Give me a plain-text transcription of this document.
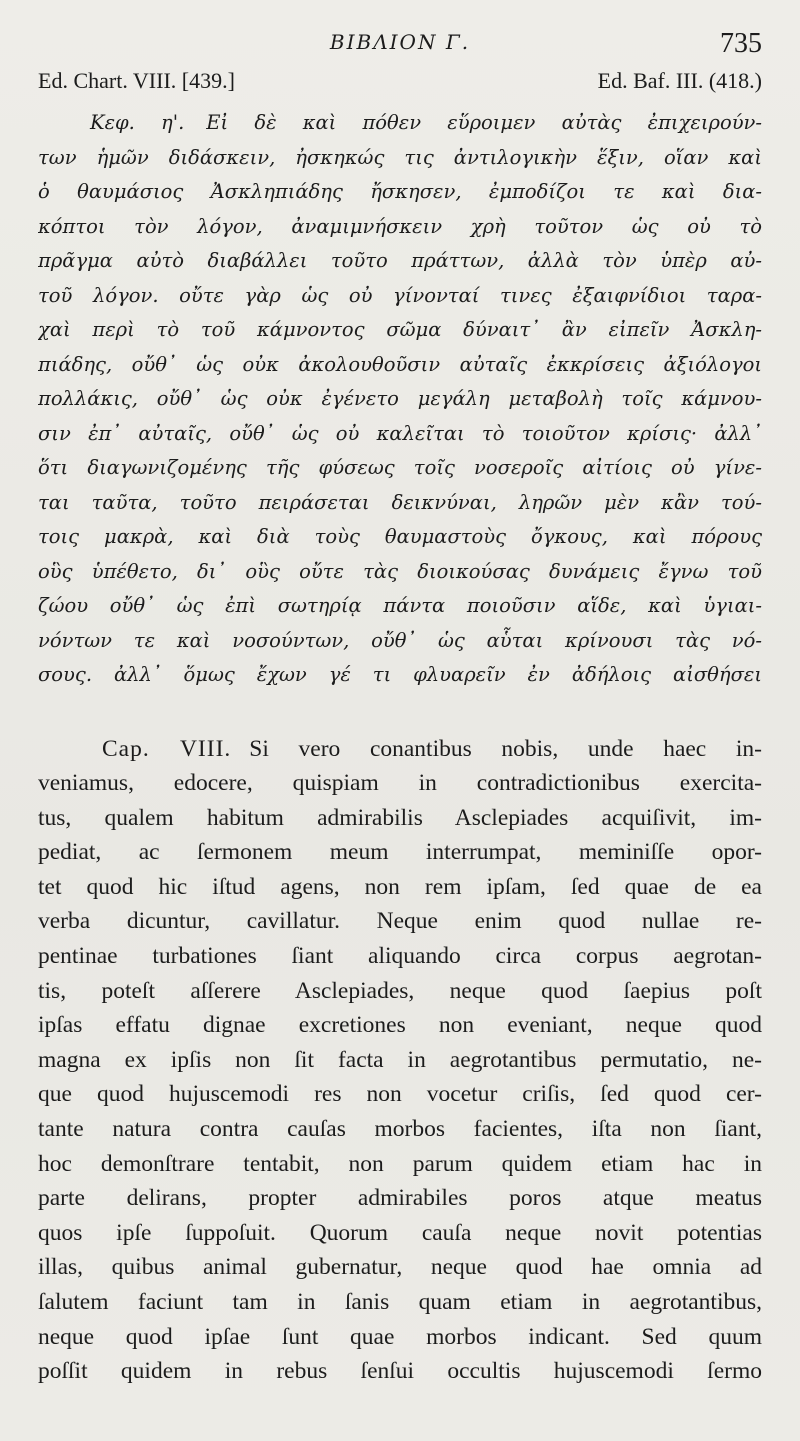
ΒΙΒΛΙΟΝ Γ.	735
Ed. Chart. VIII. [439.]	Ed. Baf. III. (418.)
Κεφ. η'. Εἰ δὲ καὶ πόθεν εὕροιμεν αὐτὰς ἐπιχειρούν-
των ἡμῶν διδάσκειν, ἠσκηκώς τις ἀντιλογικὴν ἕξιν, οἵαν καὶ
ὁ θαυμάσιος Ἀσκληπιάδης ἤσκησεν, ἐμποδίζοι τε καὶ δια-
κόπτοι τὸν λόγον, ἀναμιμνήσκειν χρὴ τοῦτον ὡς οὐ τὸ
πρᾶγμα αὐτὸ διαβάλλει τοῦτο πράττων, ἀλλὰ τὸν ὑπὲρ αὐ-
τοῦ λόγον. οὔτε γὰρ ὡς οὐ γίνονταί τινες ἐξαιφνίδιοι ταρα-
χαὶ περὶ τὸ τοῦ κάμνοντος σῶμα δύναιτ᾽ ἂν εἰπεῖν Ἀσκλη-
πιάδης, οὔθ᾽ ὡς οὐκ ἀκολουθοῦσιν αὐταῖς ἐκκρίσεις ἀξιόλογοι
πολλάκις, οὔθ᾽ ὡς οὐκ ἐγένετο μεγάλη μεταβολὴ τοῖς κάμνου-
σιν ἐπ᾽ αὐταῖς, οὔθ᾽ ὡς οὐ καλεῖται τὸ τοιοῦτον κρίσις· ἀλλ᾽
ὅτι διαγωνιζομένης τῆς φύσεως τοῖς νοσεροῖς αἰτίοις οὐ γίνε-
ται ταῦτα, τοῦτο πειράσεται δεικνύναι, ληρῶν μὲν κἂν τού-
τοις μακρὰ, καὶ διὰ τοὺς θαυμαστοὺς ὄγκους, καὶ πόρους
οὓς ὑπέθετο, δι᾽ οὓς οὔτε τὰς διοικούσας δυνάμεις ἔγνω τοῦ
ζώου οὔθ᾽ ὡς ἐπὶ σωτηρίᾳ πάντα ποιοῦσιν αἵδε, καὶ ὑγιαι-
νόντων τε καὶ νοσούντων, οὔθ᾽ ὡς αὗται κρίνουσι τὰς νό-
σους. ἀλλ᾽ ὅμως ἔχων γέ τι φλυαρεῖν ἐν ἀδήλοις αἰσθήσει
Cap. VIII. Si vero conantibus nobis, unde haec in-
veniamus, edocere, quispiam in contradictionibus exercita-
tus, qualem habitum admirabilis Asclepiades acquiſivit, im-
pediat, ac ſermonem meum interrumpat, meminiſſe opor-
tet quod hic iſtud agens, non rem ipſam, ſed quae de ea
verba dicuntur, cavillatur. Neque enim quod nullae re-
pentinae turbationes ſiant aliquando circa corpus aegrotan-
tis, poteſt aſſerere Asclepiades, neque quod ſaepius poſt
ipſas effatu dignae excretiones non eveniant, neque quod
magna ex ipſis non ſit facta in aegrotantibus permutatio, ne-
que quod hujuscemodi res non vocetur criſis, ſed quod cer-
tante natura contra cauſas morbos facientes, iſta non ſiant,
hoc demonſtrare tentabit, non parum quidem etiam hac in
parte delirans, propter admirabiles poros atque meatus
quos ipſe ſuppoſuit. Quorum cauſa neque novit potentias
illas, quibus animal gubernatur, neque quod hae omnia ad
ſalutem faciunt tam in ſanis quam etiam in aegrotantibus,
neque quod ipſae ſunt quae morbos indicant. Sed quum
poſſit quidem in rebus ſenſui occultis hujuscemodi ſermo
